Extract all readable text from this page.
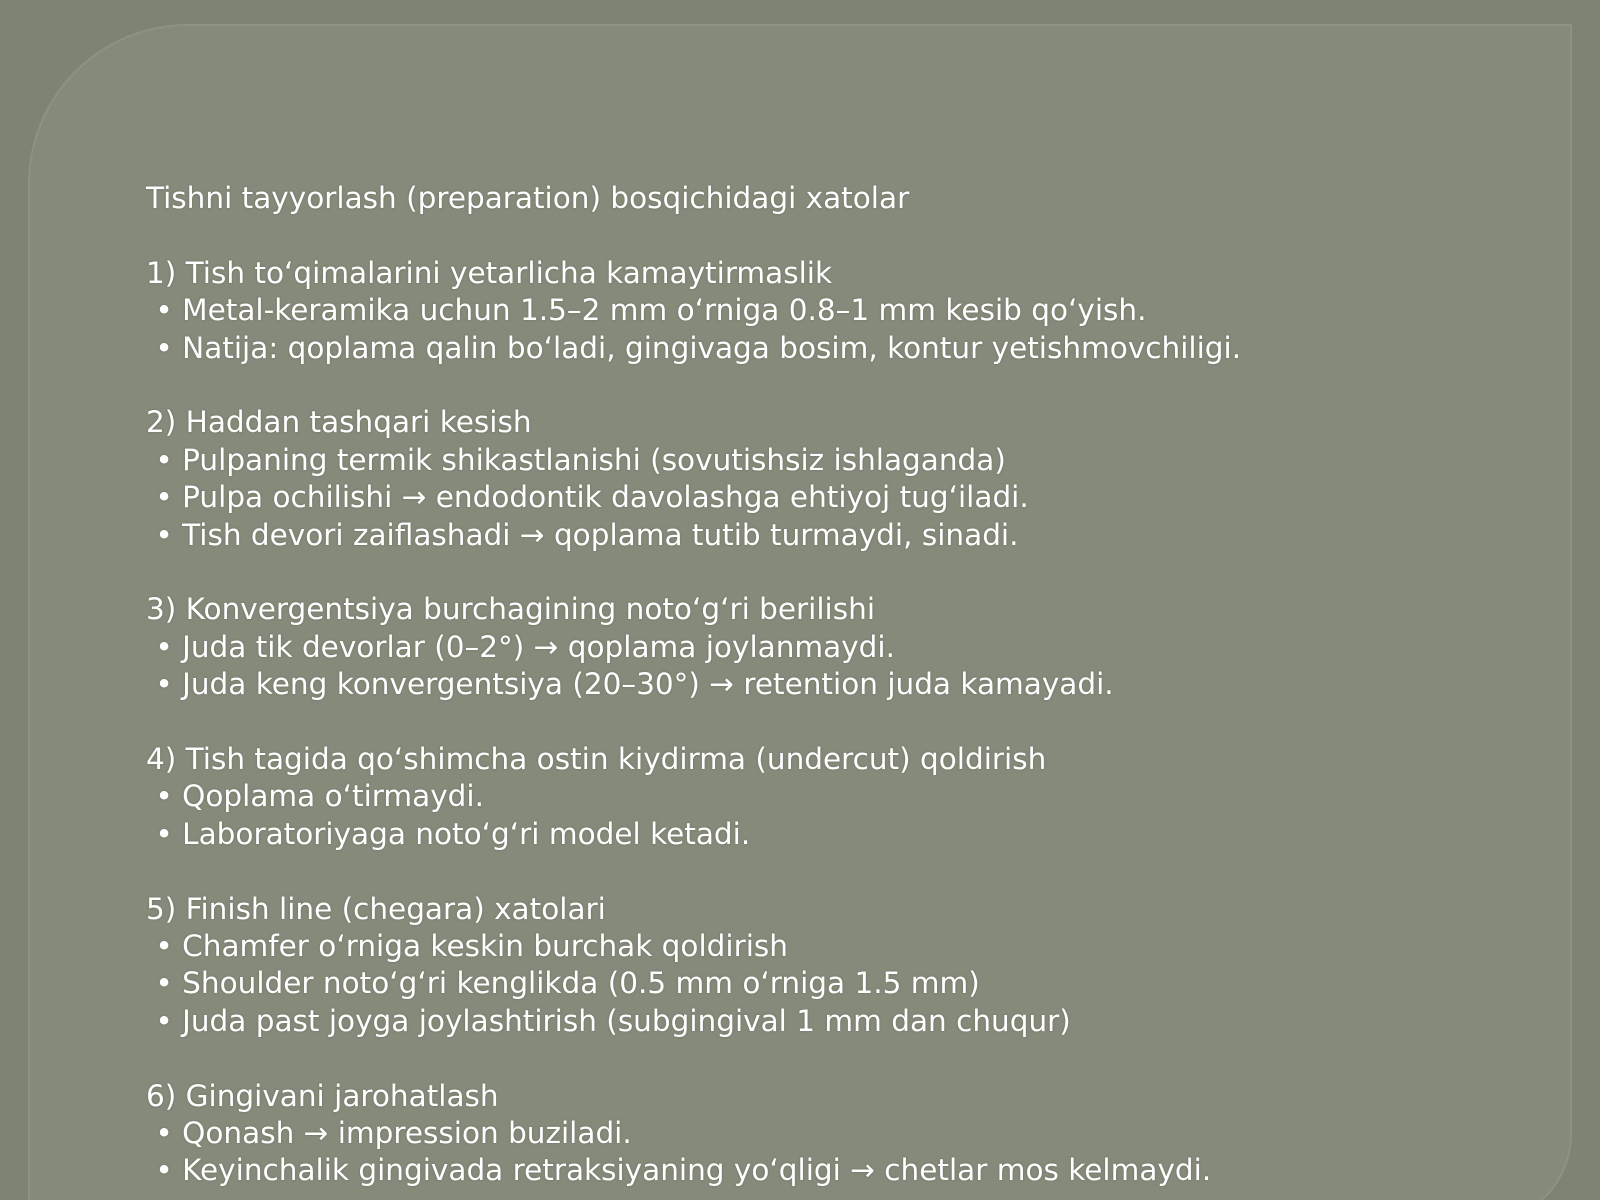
Tishni tayyorlash (preparation) bosqichidagi xatolar
1) Tish to‘qimalarini yetarlicha kamaytirmaslik
• Metal-keramika uchun 1.5–2 mm o‘rniga 0.8–1 mm kesib qo‘yish.
• Natija: qoplama qalin bo‘ladi, gingivaga bosim, kontur yetishmovchiligi.
2) Haddan tashqari kesish
• Pulpaning termik shikastlanishi (sovutishsiz ishlaganda)
• Pulpa ochilishi → endodontik davolashga ehtiyoj tug‘iladi.
• Tish devori zaiflashadi → qoplama tutib turmaydi, sinadi.
3) Konvergentsiya burchagining noto‘g‘ri berilishi
• Juda tik devorlar (0–2°) → qoplama joylanmaydi.
• Juda keng konvergentsiya (20–30°) → retention juda kamayadi.
4) Tish tagida qo‘shimcha ostin kiydirma (undercut) qoldirish
• Qoplama o‘tirmaydi.
• Laboratoriyaga noto‘g‘ri model ketadi.
5) Finish line (chegara) xatolari
• Chamfer o‘rniga keskin burchak qoldirish
• Shoulder noto‘g‘ri kenglikda (0.5 mm o‘rniga 1.5 mm)
• Juda past joyga joylashtirish (subgingival 1 mm dan chuqur)
6) Gingivani jarohatlash
• Qonash → impression buziladi.
• Keyinchalik gingivada retraksiyaning yo‘qligi → chetlar mos kelmaydi.
